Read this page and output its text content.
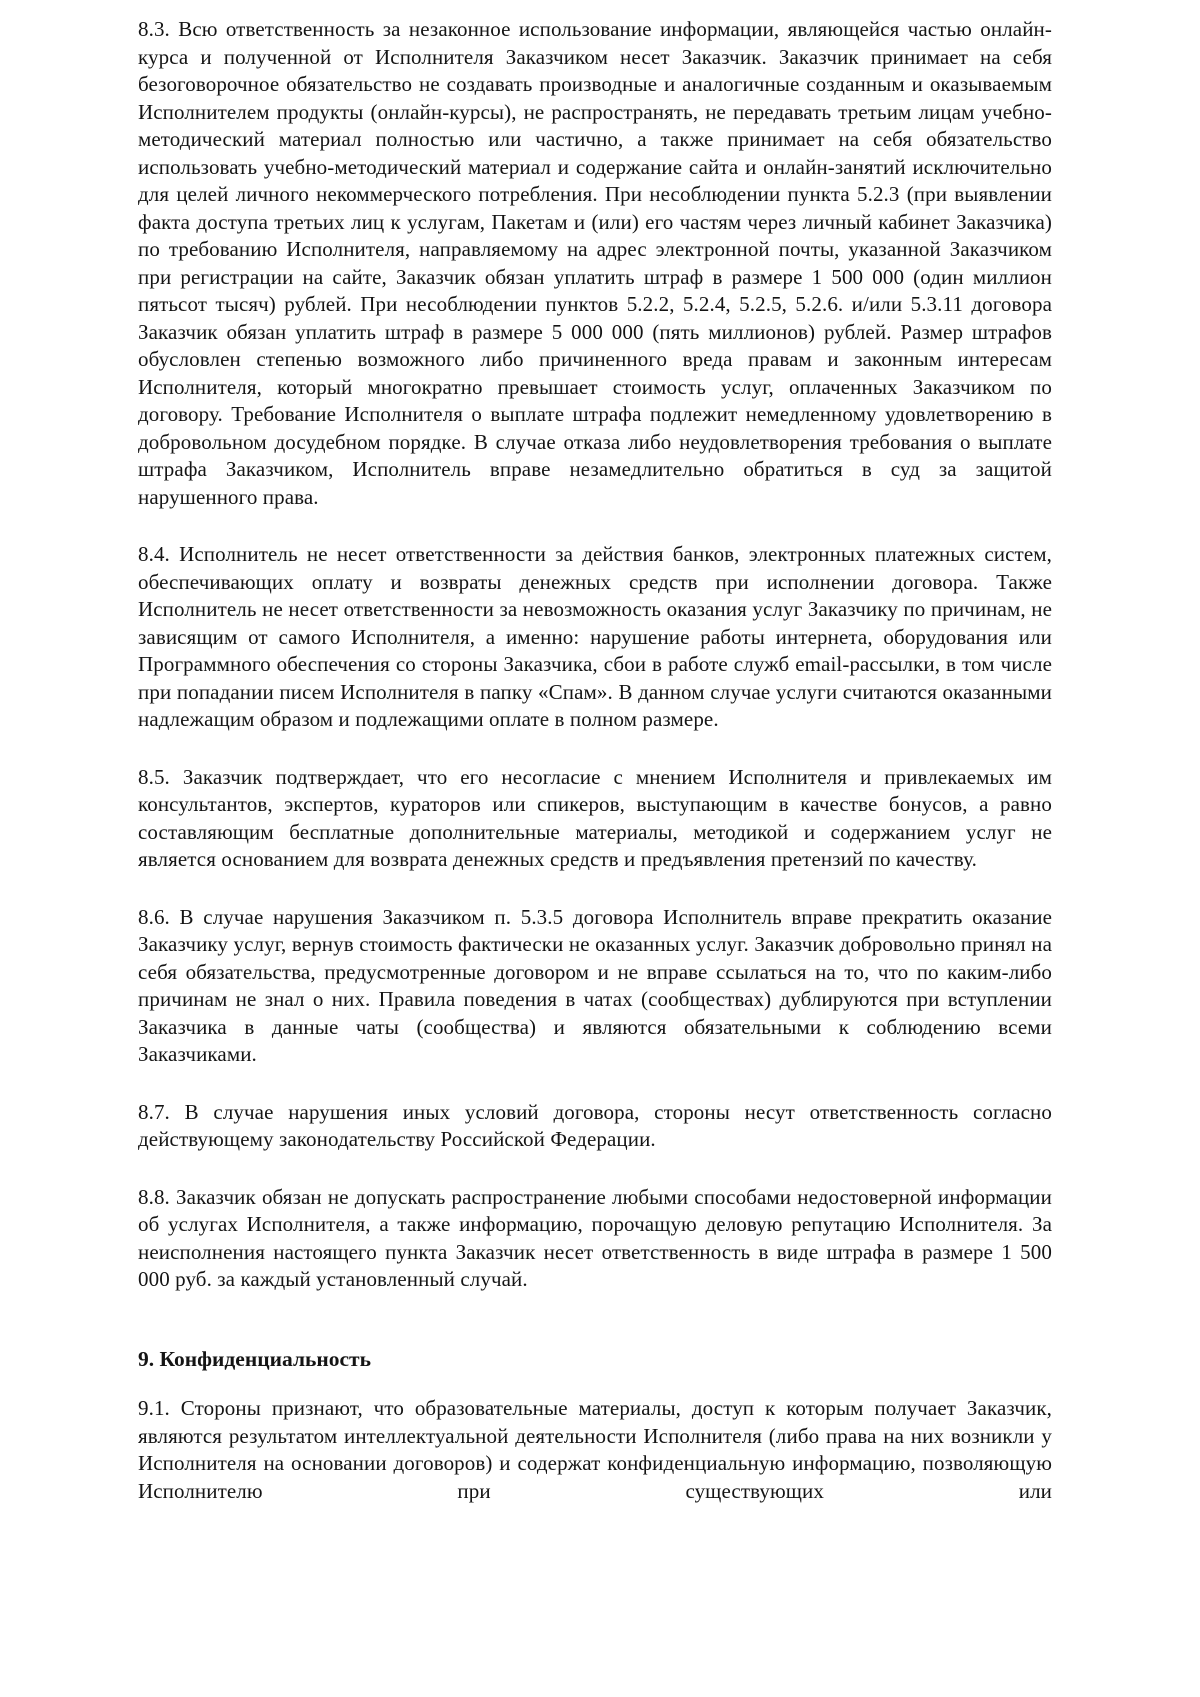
8.3. Всю ответственность за незаконное использование информации, являющейся частью онлайн-курса и полученной от Исполнителя Заказчиком несет Заказчик. Заказчик принимает на себя безоговорочное обязательство не создавать производные и аналогичные созданным и оказываемым Исполнителем продукты (онлайн-курсы), не распространять, не передавать третьим лицам учебно-методический материал полностью или частично, а также принимает на себя обязательство использовать учебно-методический материал и содержание сайта и онлайн-занятий исключительно для целей личного некоммерческого потребления. При несоблюдении пункта 5.2.3 (при выявлении факта доступа третьих лиц к услугам, Пакетам и (или) его частям через личный кабинет Заказчика) по требованию Исполнителя, направляемому на адрес электронной почты, указанной Заказчиком при регистрации на сайте, Заказчик обязан уплатить штраф в размере 1 500 000 (один миллион пятьсот тысяч) рублей. При несоблюдении пунктов 5.2.2, 5.2.4, 5.2.5, 5.2.6. и/или 5.3.11 договора Заказчик обязан уплатить штраф в размере 5 000 000 (пять миллионов) рублей. Размер штрафов обусловлен степенью возможного либо причиненного вреда правам и законным интересам Исполнителя, который многократно превышает стоимость услуг, оплаченных Заказчиком по договору. Требование Исполнителя о выплате штрафа подлежит немедленному удовлетворению в добровольном досудебном порядке. В случае отказа либо неудовлетворения требования о выплате штрафа Заказчиком, Исполнитель вправе незамедлительно обратиться в суд за защитой нарушенного права.

8.4. Исполнитель не несет ответственности за действия банков, электронных платежных систем, обеспечивающих оплату и возвраты денежных средств при исполнении договора. Также Исполнитель не несет ответственности за невозможность оказания услуг Заказчику по причинам, не зависящим от самого Исполнителя, а именно: нарушение работы интернета, оборудования или Программного обеспечения со стороны Заказчика, сбои в работе служб email-рассылки, в том числе при попадании писем Исполнителя в папку «Спам». В данном случае услуги считаются оказанными надлежащим образом и подлежащими оплате в полном размере.

8.5. Заказчик подтверждает, что его несогласие с мнением Исполнителя и привлекаемых им консультантов, экспертов, кураторов или спикеров, выступающим в качестве бонусов, а равно составляющим бесплатные дополнительные материалы, методикой и содержанием услуг не является основанием для возврата денежных средств и предъявления претензий по качеству.

8.6. В случае нарушения Заказчиком п. 5.3.5 договора Исполнитель вправе прекратить оказание Заказчику услуг, вернув стоимость фактически не оказанных услуг. Заказчик добровольно принял на себя обязательства, предусмотренные договором и не вправе ссылаться на то, что по каким-либо причинам не знал о них. Правила поведения в чатах (сообществах) дублируются при вступлении Заказчика в данные чаты (сообщества) и являются обязательными к соблюдению всеми Заказчиками.

8.7. В случае нарушения иных условий договора, стороны несут ответственность согласно действующему законодательству Российской Федерации.

8.8. Заказчик обязан не допускать распространение любыми способами недостоверной информации об услугах Исполнителя, а также информацию, порочащую деловую репутацию Исполнителя. За неисполнения настоящего пункта Заказчик несет ответственность в виде штрафа в размере 1 500 000 руб. за каждый установленный случай.

9. Конфиденциальность

9.1. Стороны признают, что образовательные материалы, доступ к которым получает Заказчик, являются результатом интеллектуальной деятельности Исполнителя (либо права на них возникли у Исполнителя на основании договоров) и содержат конфиденциальную информацию, позволяющую Исполнителю при существующих или
